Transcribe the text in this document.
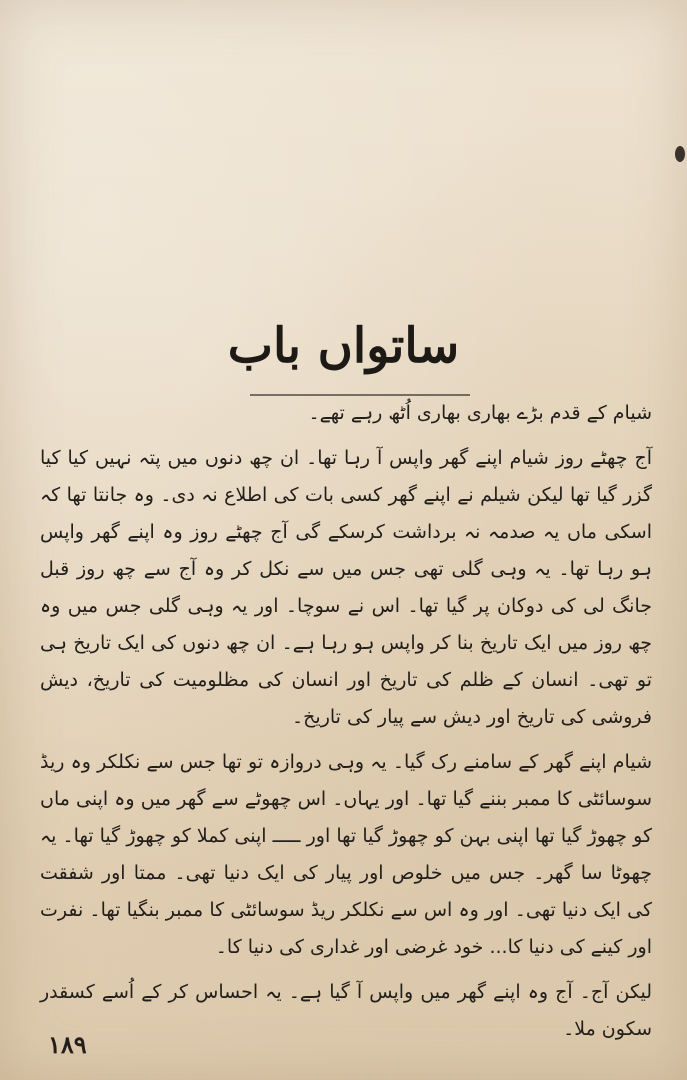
ساتواں باب

شیام کے قدم بڑے بھاری بھاری اُٹھ رہے تھے۔

آج چھٹے روز شیام اپنے گھر واپس آ رہا تھا۔ ان چھ دنوں میں پتہ نہیں کیا کیا گزر گیا تھا لیکن شیلم نے اپنے گھر کسی بات کی اطلاع نہ دی۔ وہ جانتا تھا کہ اسکی ماں یہ صدمہ نہ برداشت کرسکے گی آج چھٹے روز وہ اپنے گھر واپس ہو رہا تھا۔ یہ وہی گلی تھی جس میں سے نکل کر وہ آج سے چھ روز قبل جانگ لی کی دوکان پر گیا تھا۔ اس نے سوچا۔ اور یہ وہی گلی جس میں وہ چھ روز میں ایک تاریخ بنا کر واپس ہو رہا ہے۔ ان چھ دنوں کی ایک تاریخ ہی تو تھی۔ انسان کے ظلم کی تاریخ اور انسان کی مظلومیت کی تاریخ، دیش فروشی کی تاریخ اور دیش سے پیار کی تاریخ۔

شیام اپنے گھر کے سامنے رک گیا۔ یہ وہی دروازہ تو تھا جس سے نکلکر وہ ریڈ سوسائٹی کا ممبر بننے گیا تھا۔ اور یہاں۔ اس چھوٹے سے گھر میں وہ اپنی ماں کو چھوڑ گیا تھا اپنی بہن کو چھوڑ گیا تھا اور ـــــ اپنی کملا کو چھوڑ گیا تھا۔ یہ چھوٹا سا گھر۔ جس میں خلوص اور پیار کی ایک دنیا تھی۔ ممتا اور شفقت کی ایک دنیا تھی۔ اور وہ اس سے نکلکر ریڈ سوسائٹی کا ممبر بنگیا تھا۔ نفرت اور کینے کی دنیا کا... خود غرضی اور غداری کی دنیا کا۔

لیکن آج۔ آج وہ اپنے گھر میں واپس آ گیا ہے۔ یہ احساس کر کے اُسے کسقدر سکون ملا۔

۱۸۹
